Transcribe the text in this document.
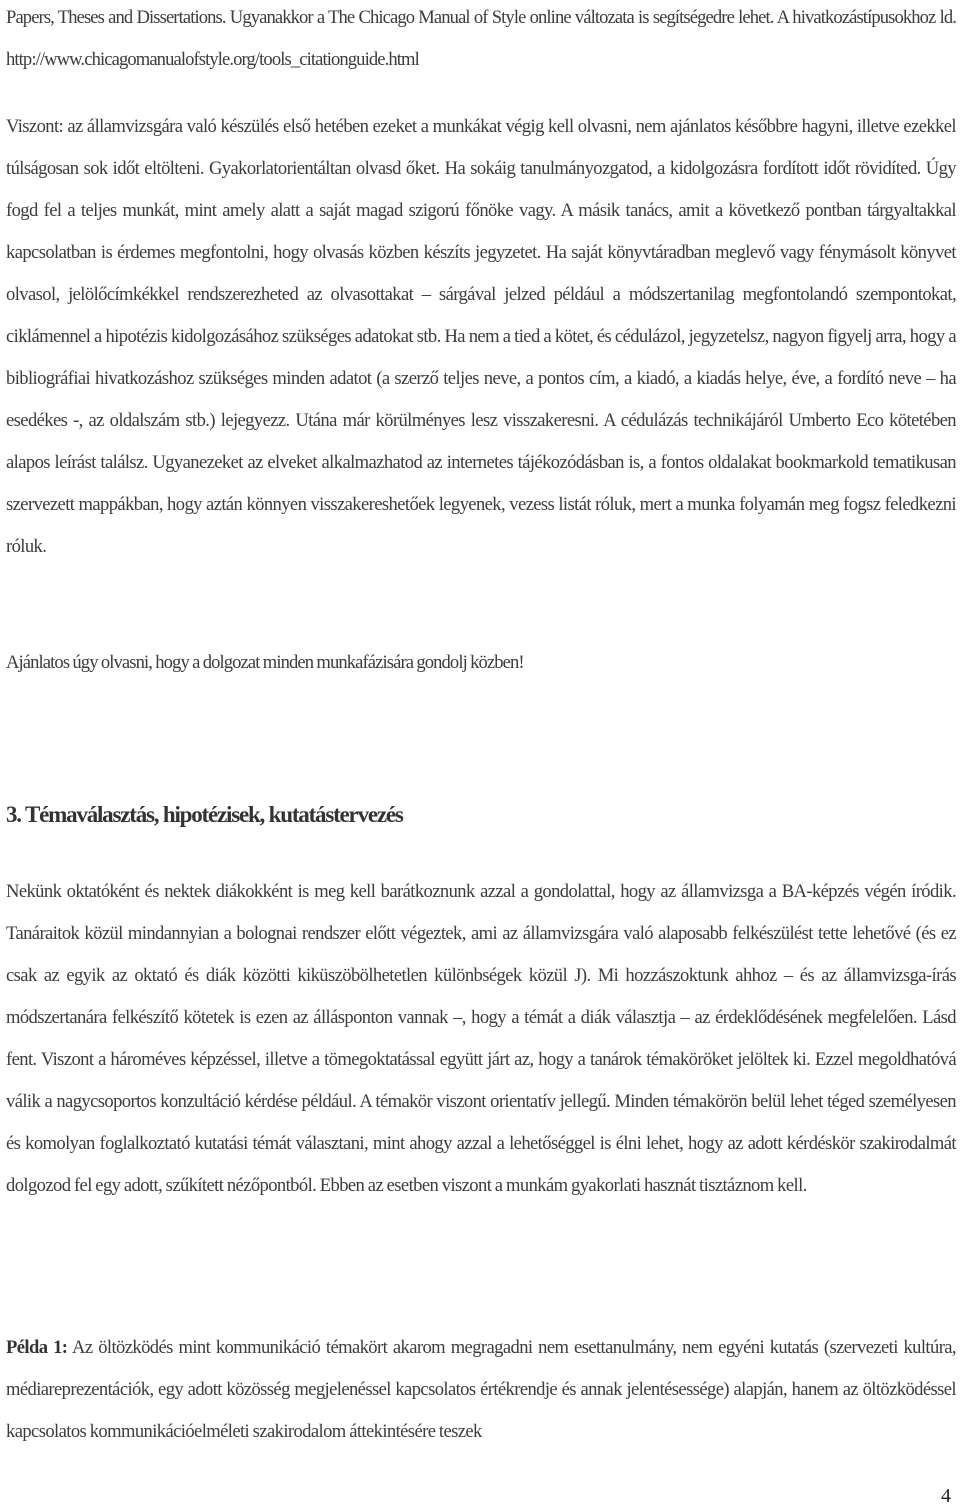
Papers, Theses and Dissertations. Ugyanakkor a The Chicago Manual of Style online változata is segítségedre lehet. A hivatkozástípusokhoz ld. http://www.chicagomanualofstyle.org/tools_citationguide.html

Viszont: az államvizsgára való készülés első hetében ezeket a munkákat végig kell olvasni, nem ajánlatos későbbre hagyni, illetve ezekkel túlságosan sok időt eltölteni. Gyakorlatorientáltan olvasd őket. Ha sokáig tanulmányozgatod, a kidolgozásra fordított időt rövidíted. Úgy fogd fel a teljes munkát, mint amely alatt a saját magad szigorú főnöke vagy. A másik tanács, amit a következő pontban tárgyaltakkal kapcsolatban is érdemes megfontolni, hogy olvasás közben készíts jegyzetet. Ha saját könyvtáradban meglevő vagy fénymásolt könyvet olvasol, jelölőcímkékkel rendszerezheted az olvasottakat – sárgával jelzed például a módszertanilag megfontolandó szempontokat, ciklámennel a hipotézis kidolgozásához szükséges adatokat stb. Ha nem a tied a kötet, és cédulázol, jegyzetelsz, nagyon figyelj arra, hogy a bibliográfiai hivatkozáshoz szükséges minden adatot (a szerző teljes neve, a pontos cím, a kiadó, a kiadás helye, éve, a fordító neve – ha esedékes -, az oldalszám stb.) lejegyezz. Utána már körülményes lesz visszakeresni. A cédulázás technikájáról Umberto Eco kötetében alapos leírást találsz. Ugyanezeket az elveket alkalmazhatod az internetes tájékozódásban is, a fontos oldalakat bookmarkold tematikusan szervezett mappákban, hogy aztán könnyen visszakereshetőek legyenek, vezess listát róluk, mert a munka folyamán meg fogsz feledkezni róluk.

Ajánlatos úgy olvasni, hogy a dolgozat minden munkafázisára gondolj közben!

3. Témaválasztás, hipotézisek, kutatástervezés

Nekünk oktatóként és nektek diákokként is meg kell barátkoznunk azzal a gondolattal, hogy az államvizsga a BA-képzés végén íródik. Tanáraitok közül mindannyian a bolognai rendszer előtt végeztek, ami az államvizsgára való alaposabb felkészülést tette lehetővé (és ez csak az egyik az oktató és diák közötti kiküszöbölhetetlen különbségek közül J). Mi hozzászoktunk ahhoz – és az államvizsga-írás módszertanára felkészítő kötetek is ezen az állásponton vannak –, hogy a témát a diák választja – az érdeklődésének megfelelően. Lásd fent. Viszont a hároméves képzéssel, illetve a tömegoktatással együtt járt az, hogy a tanárok témaköröket jelöltek ki. Ezzel megoldhatóvá válik a nagycsoportos konzultáció kérdése például. A témakör viszont orientatív jellegű. Minden témakörön belül lehet téged személyesen és komolyan foglalkoztató kutatási témát választani, mint ahogy azzal a lehetőséggel is élni lehet, hogy az adott kérdéskör szakirodalmát dolgozod fel egy adott, szűkített nézőpontból. Ebben az esetben viszont a munkám gyakorlati hasznát tisztáznom kell.

Példa 1: Az öltözködés mint kommunikáció témakört akarom megragadni nem esettanulmány, nem egyéni kutatás (szervezeti kultúra, médiareprezentációk, egy adott közösség megjelenéssel kapcsolatos értékrendje és annak jelentésessége) alapján, hanem az öltözködéssel kapcsolatos kommunikációelméleti szakirodalom áttekintésére teszek

4
